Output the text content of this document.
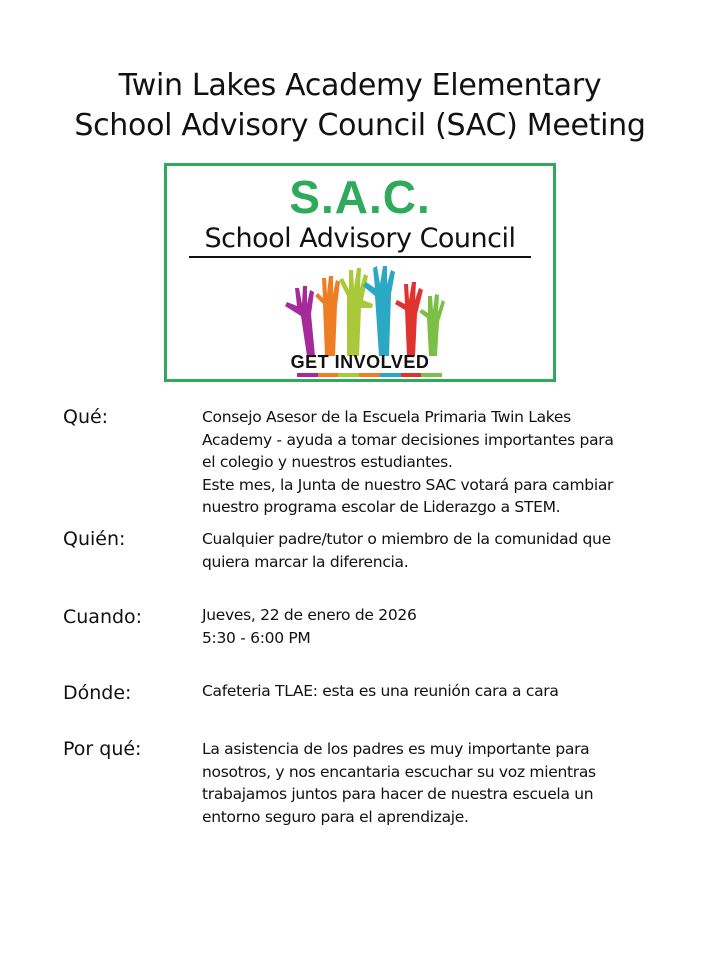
Twin Lakes Academy Elementary
School Advisory Council (SAC) Meeting
S.A.C.
School Advisory Council
GET INVOLVED
Qué:	Consejo Asesor de la Escuela Primaria Twin Lakes
Academy - ayuda a tomar decisiones importantes para
el colegio y nuestros estudiantes.
Este mes, la Junta de nuestro SAC votará para cambiar
nuestro programa escolar de Liderazgo a STEM.
Quién:	Cualquier padre/tutor o miembro de la comunidad que
quiera marcar la diferencia.
Cuando:	Jueves, 22 de enero de 2026
5:30 - 6:00 PM
Dónde:	Cafeteria TLAE: esta es una reunión cara a cara
Por qué:	La asistencia de los padres es muy importante para
nosotros, y nos encantaria escuchar su voz mientras
trabajamos juntos para hacer de nuestra escuela un
entorno seguro para el aprendizaje.
